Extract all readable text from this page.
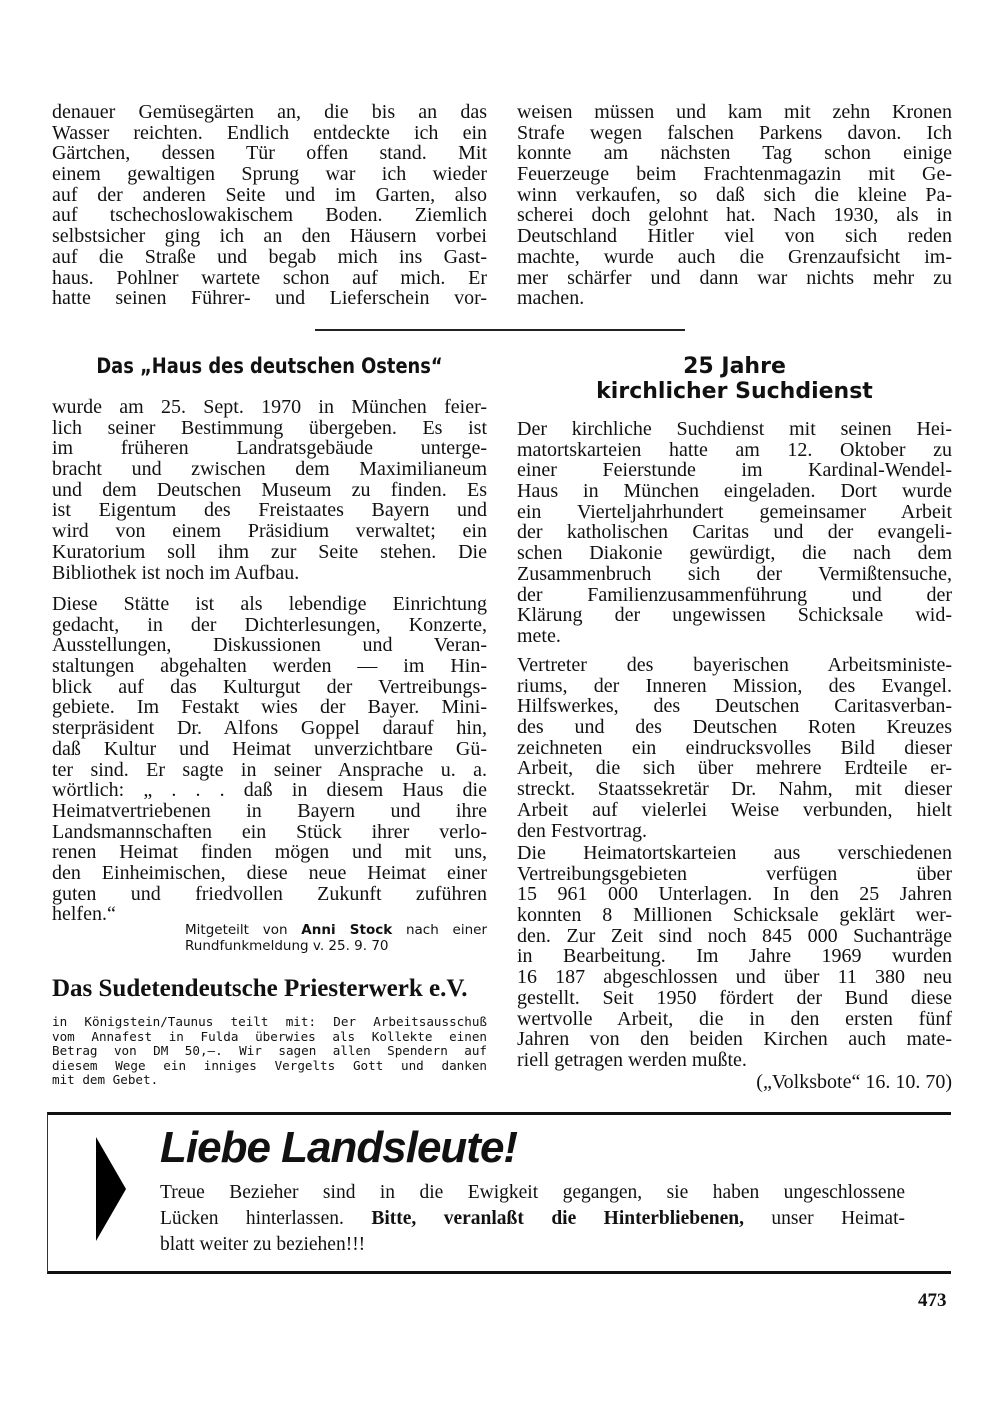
denauer Gemüsegärten an, die bis an das
Wasser reichten. Endlich entdeckte ich ein
Gärtchen, dessen Tür offen stand. Mit
einem gewaltigen Sprung war ich wieder
auf der anderen Seite und im Garten, also
auf tschechoslowakischem Boden. Ziemlich
selbstsicher ging ich an den Häusern vorbei
auf die Straße und begab mich ins Gast-
haus. Pohlner wartete schon auf mich. Er
hatte seinen Führer- und Lieferschein vor-
weisen müssen und kam mit zehn Kronen
Strafe wegen falschen Parkens davon. Ich
konnte am nächsten Tag schon einige
Feuerzeuge beim Frachtenmagazin mit Ge-
winn verkaufen, so daß sich die kleine Pa-
scherei doch gelohnt hat. Nach 1930, als in
Deutschland Hitler viel von sich reden
machte, wurde auch die Grenzaufsicht im-
mer schärfer und dann war nichts mehr zu
machen.
Das „Haus des deutschen Ostens“
wurde am 25. Sept. 1970 in München feier-
lich seiner Bestimmung übergeben. Es ist
im früheren Landratsgebäude unterge-
bracht und zwischen dem Maximilianeum
und dem Deutschen Museum zu finden. Es
ist Eigentum des Freistaates Bayern und
wird von einem Präsidium verwaltet; ein
Kuratorium soll ihm zur Seite stehen. Die
Bibliothek ist noch im Aufbau.
Diese Stätte ist als lebendige Einrichtung
gedacht, in der Dichterlesungen, Konzerte,
Ausstellungen, Diskussionen und Veran-
staltungen abgehalten werden — im Hin-
blick auf das Kulturgut der Vertreibungs-
gebiete. Im Festakt wies der Bayer. Mini-
sterpräsident Dr. Alfons Goppel darauf hin,
daß Kultur und Heimat unverzichtbare Gü-
ter sind. Er sagte in seiner Ansprache u. a.
wörtlich: „ . . . daß in diesem Haus die
Heimatvertriebenen in Bayern und ihre
Landsmannschaften ein Stück ihrer verlo-
renen Heimat finden mögen und mit uns,
den Einheimischen, diese neue Heimat einer
guten und friedvollen Zukunft zuführen
helfen.“
Mitgeteilt von Anni Stock nach einer
Rundfunkmeldung v. 25. 9. 70
Das Sudetendeutsche Priesterwerk e.V.
in Königstein/Taunus teilt mit: Der Arbeitsausschuß
vom Annafest in Fulda überwies als Kollekte einen
Betrag von DM 50,—. Wir sagen allen Spendern auf
diesem Wege ein inniges Vergelts Gott und danken
mit dem Gebet.
25 Jahre
kirchlicher Suchdienst
Der kirchliche Suchdienst mit seinen Hei-
matortskarteien hatte am 12. Oktober zu
einer Feierstunde im Kardinal-Wendel-
Haus in München eingeladen. Dort wurde
ein Vierteljahrhundert gemeinsamer Arbeit
der katholischen Caritas und der evangeli-
schen Diakonie gewürdigt, die nach dem
Zusammenbruch sich der Vermißtensuche,
der Familienzusammenführung und der
Klärung der ungewissen Schicksale wid-
mete.
Vertreter des bayerischen Arbeitsministe-
riums, der Inneren Mission, des Evangel.
Hilfswerkes, des Deutschen Caritasverban-
des und des Deutschen Roten Kreuzes
zeichneten ein eindrucksvolles Bild dieser
Arbeit, die sich über mehrere Erdteile er-
streckt. Staatssekretär Dr. Nahm, mit dieser
Arbeit auf vielerlei Weise verbunden, hielt
den Festvortrag.
Die Heimatortskarteien aus verschiedenen
Vertreibungsgebieten verfügen über
15 961 000 Unterlagen. In den 25 Jahren
konnten 8 Millionen Schicksale geklärt wer-
den. Zur Zeit sind noch 845 000 Suchanträge
in Bearbeitung. Im Jahre 1969 wurden
16 187 abgeschlossen und über 11 380 neu
gestellt. Seit 1950 fördert der Bund diese
wertvolle Arbeit, die in den ersten fünf
Jahren von den beiden Kirchen auch mate-
riell getragen werden mußte.
(„Volksbote“ 16. 10. 70)
Liebe Landsleute!
Treue Bezieher sind in die Ewigkeit gegangen, sie haben ungeschlossene
Lücken hinterlassen. Bitte, veranlaßt die Hinterbliebenen, unser Heimat-
blatt weiter zu beziehen!!!
473
